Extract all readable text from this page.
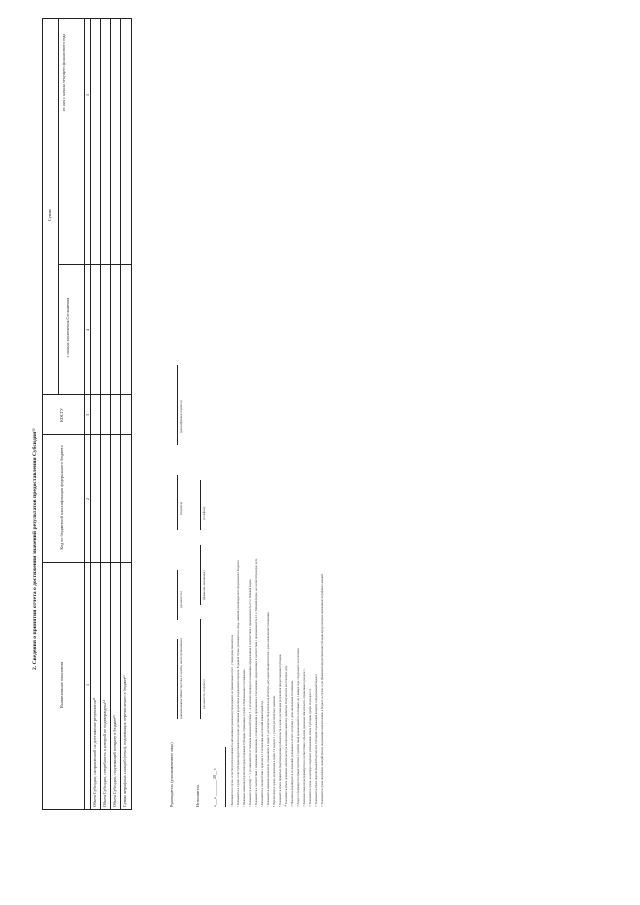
2. Сведения о принятии отчета о достижении значений результатов предоставления Субсидии¹²
Наименование показателя
Код по бюджетной классификации федерального бюджета
КОСГУ
Сумма
с начала заключения Соглашения
из них с начала текущего финансового года
1
2
3
4
5
Объем Субсидии, направленной на достижение результатов¹³ Объем Субсидии, потребность в которой не подтверждена¹⁴ Объем Субсидии, подлежащей возврату в бюджет¹⁵ Сумма штрафных санкций (пени), подлежащих перечислению в бюджет¹⁶	Руководитель (уполномоченное лицо)
(наименование Министерства, Службы, иной организации)
(должность)
(подпись)
(расшифровка подписи)
Исполнитель
(должность, подпись)
(фамилия, инициалы)
(телефон)
«___» ________ 20__ г.	¹ Заполняется в случае, если Получателем являются автономным (казенным) учреждением, не финансовым отчет - утверждены показатели. ² Указывается в случае, если Субсидия предоставляется в целях достижения результатов федерального проекта. В данной строке указывается в «Код» значение рекомендуемого федерального бюджета. ³ Плановые значения результатов предоставления Субсидии, отраженные в графе 6 Приложения к Соглашению. ⁴ Указывается на графу 7 - 1 (в зависимости от значения показателей графы 5 - 6 отчетного периода в Соглашении, оформленном в соответствии с приложением № 2.1 к Типовой форме. ⁵ Указывается в соответствии с плановыми значениями, установленными в приложении к Соглашению, оформленным в соответствии с приложением № 2.1 к Типовой форме, на соответствующую дату. ⁶ Заполняется в соответствии с пунктом 2.1 Соглашения на отчетный финансовый год. ⁷ Указывается значение показателя, отраженного в графе 3, достигнутое Получателем на отчетную дату нарастающим итогом с даты заключения Соглашения. ⁸ Перечисляется сумма, отраженная в графе 3 в разделе 1 с учетом достигнутого значения. ⁹ Указывается объем принятых (подтвержденных) обязательств, в целях достижения результатов предоставления Субсидии. ¹⁰ Указывается объем денежных обязательств (за исключением авансов), принятых Получателем на отчетную дату. ¹¹ Показатель формируется из значений, указанных в отчете за период с даты заключения Соглашения. ¹² Раздел 2 формируется Министерством, Службой, иной организацией по состоянию на 1 января года, следующего за отчетным. ¹³ Значение показателя формируется в соответствии с объемом денежных обязательств, отраженных в разделе 1. ¹⁴ Указывается сумма, на которую подлежит уменьшению объем Субсидии (графа 10 раздела 1). ¹⁵ Указывается объем перечисленной Получателем Субсидии, подлежащей возврату в федеральный бюджет. ¹⁶ Указывается сумма штрафных санкций (пени), подлежащих перечислению в бюджет, в случае, если Правилами предоставления субсидии предусмотрено применение штрафных санкций.
